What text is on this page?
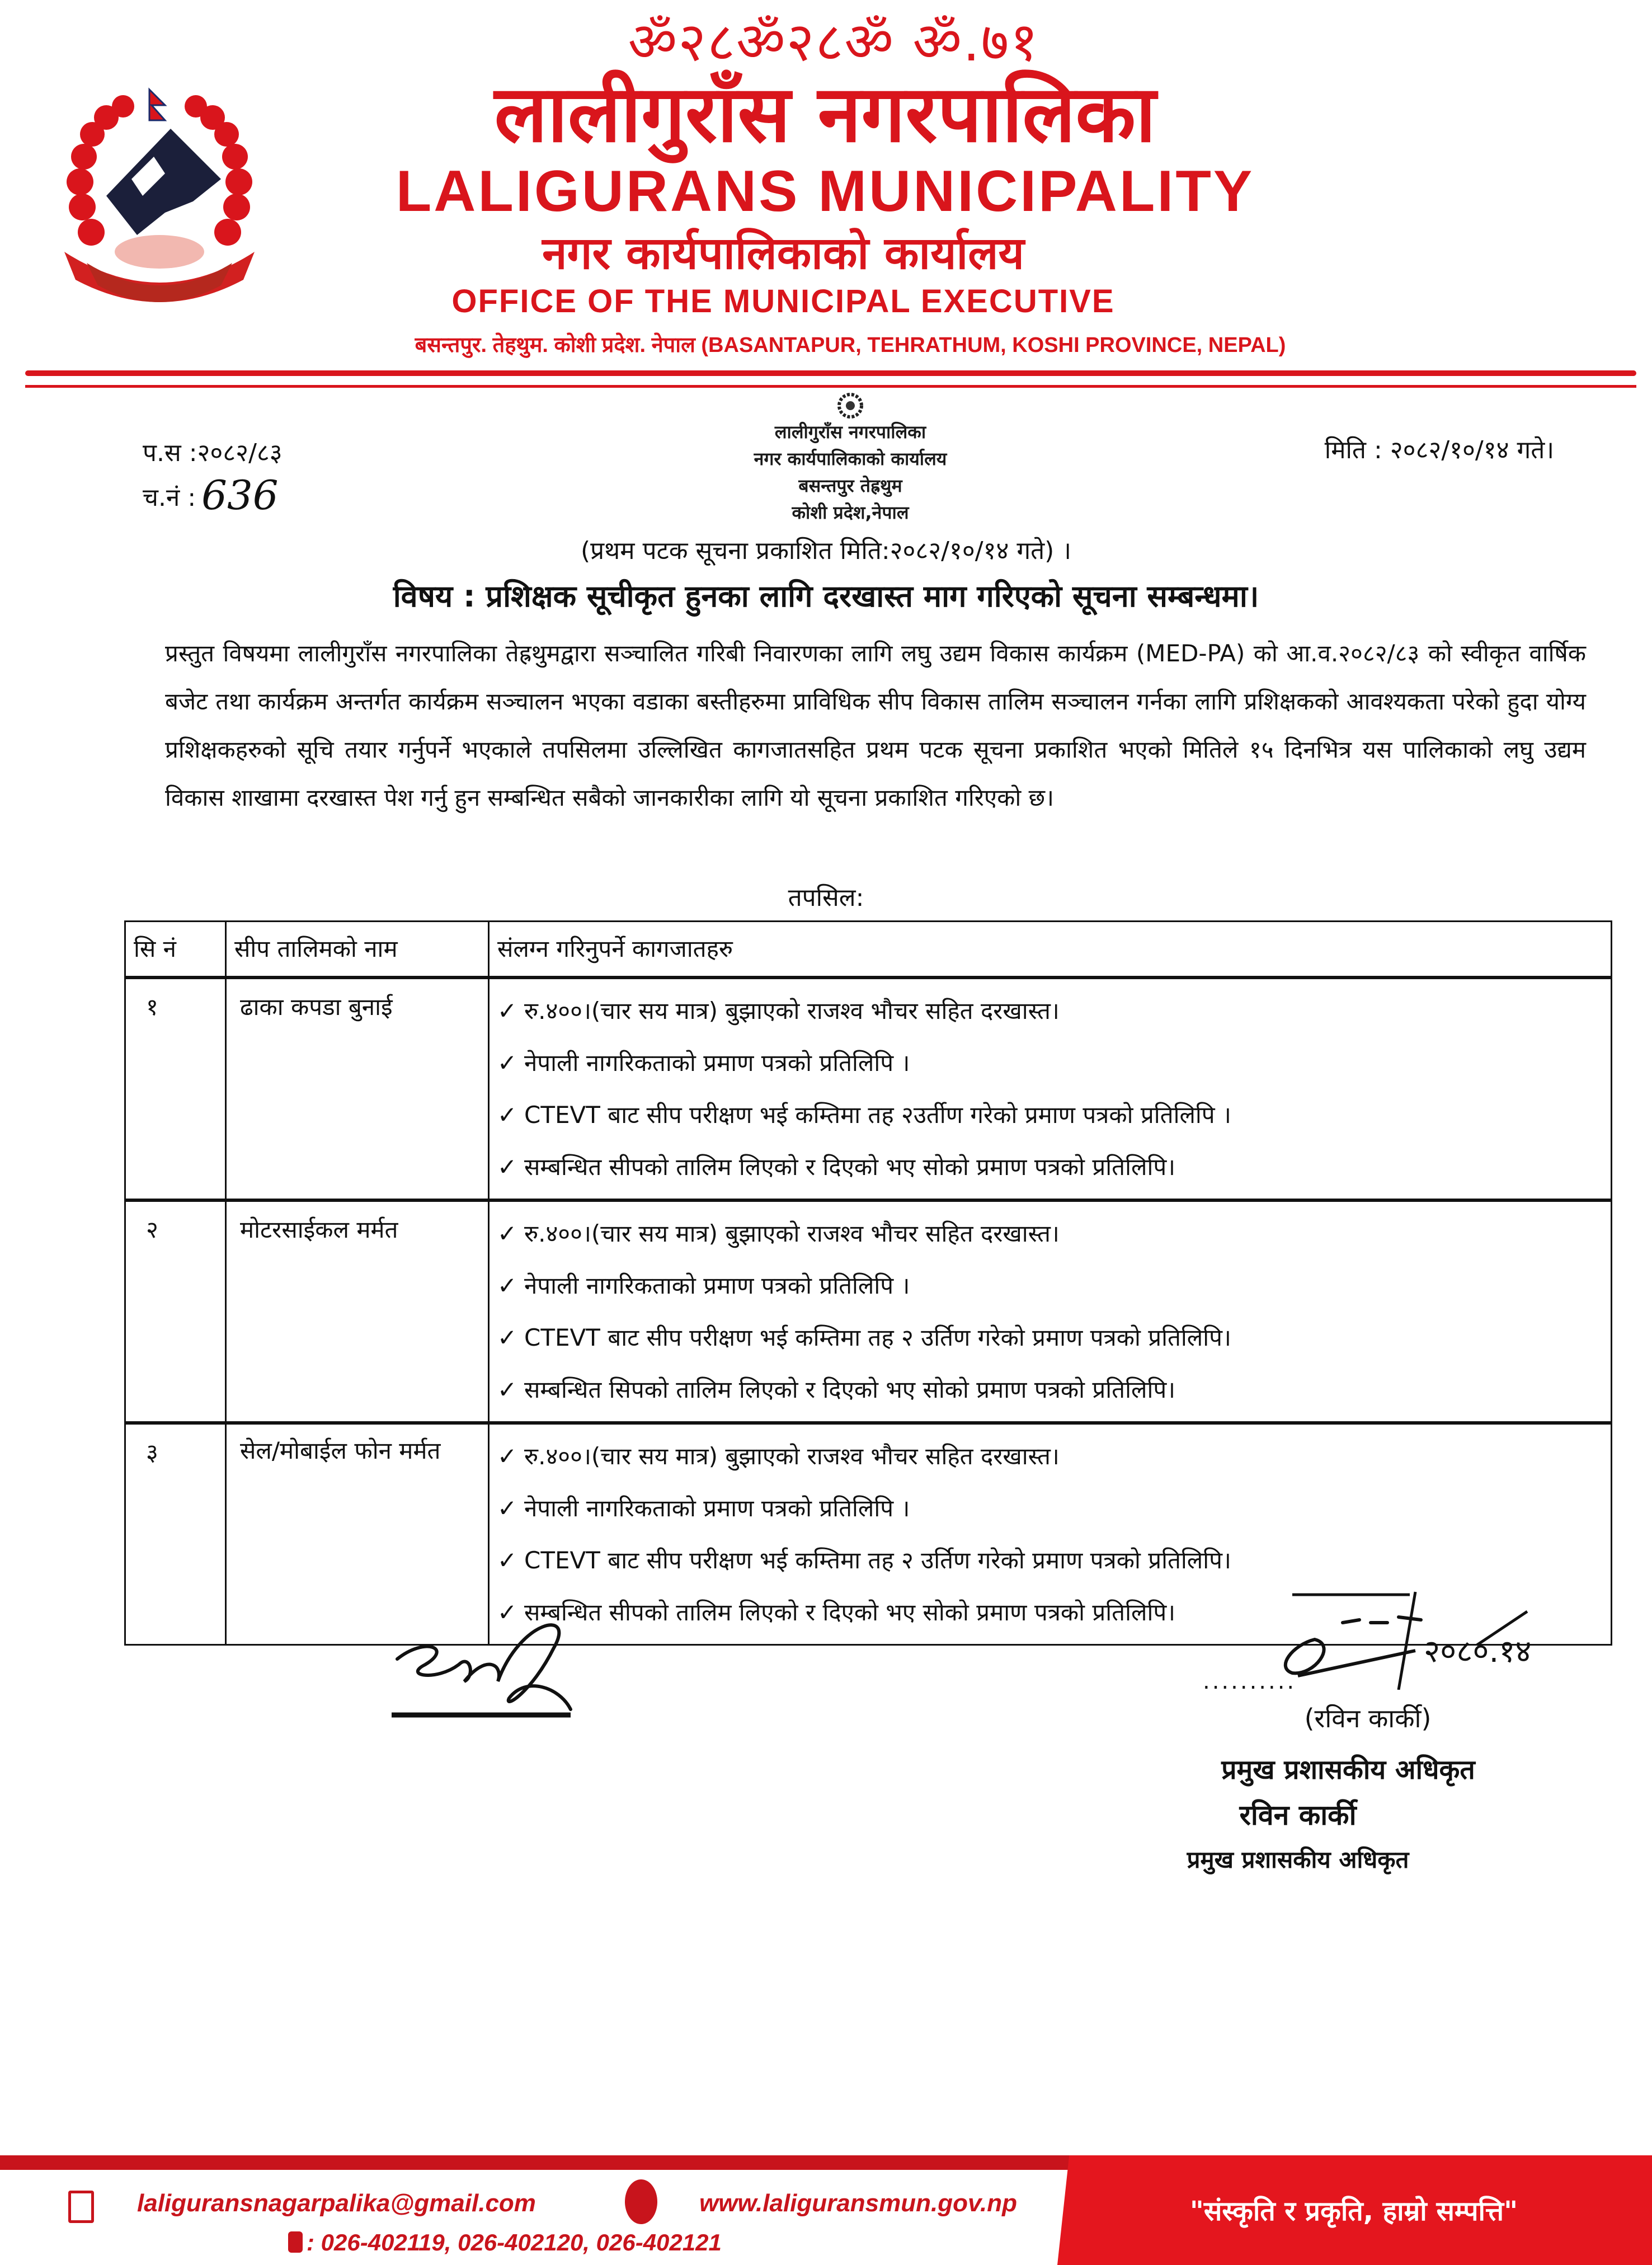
ॐ२८ॐ२८ॐ ॐ.७१
लालीगुराँस नगरपालिका
LALIGURANS MUNICIPALITY
नगर कार्यपालिकाको कार्यालय
OFFICE OF THE MUNICIPAL EXECUTIVE
बसन्तपुर. तेहथुम. कोशी प्रदेश. नेपाल (BASANTAPUR, TEHRATHUM, KOSHI PROVINCE, NEPAL)
लालीगुराँस नगरपालिका
नगर कार्यपालिकाको कार्यालय
बसन्तपुर तेह्रथुम
कोशी प्रदेश,नेपाल
प.स :२०८२/८३
च.नं : 636
मिति : २०८२/१०/१४ गते।
(प्रथम पटक सूचना प्रकाशित मिति:२०८२/१०/१४ गते) ।
विषय : प्रशिक्षक सूचीकृत हुनका लागि दरखास्त माग गरिएको सूचना सम्बन्धमा।
प्रस्तुत विषयमा लालीगुराँस नगरपालिका तेह्रथुमद्वारा सञ्चालित गरिबी निवारणका लागि लघु उद्यम विकास कार्यक्रम (MED-PA) को आ.व.२०८२/८३ को स्वीकृत वार्षिक बजेट तथा कार्यक्रम अन्तर्गत कार्यक्रम सञ्चालन भएका वडाका बस्तीहरुमा प्राविधिक सीप विकास तालिम सञ्चालन गर्नका लागि प्रशिक्षकको आवश्यकता परेको हुदा योग्य प्रशिक्षकहरुको सूचि तयार गर्नुपर्ने भएकाले तपसिलमा उल्लिखित कागजातसहित प्रथम पटक सूचना प्रकाशित भएको मितिले १५ दिनभित्र यस पालिकाको लघु उद्यम विकास शाखामा दरखास्त पेश गर्नु हुन सम्बन्धित सबैको जानकारीका लागि यो सूचना प्रकाशित गरिएको छ।
तपसिल:
सि नं	सीप तालिमको नाम	संलग्न गरिनुपर्ने कागजातहरु
१	ढाका कपडा बुनाई	✓ रु.४००।(चार सय मात्र) बुझाएको राजश्व भौचर सहित दरखास्त।
✓ नेपाली नागरिकताको प्रमाण पत्रको प्रतिलिपि ।
✓ CTEVT बाट सीप परीक्षण भई कम्तिमा तह २उर्तीण गरेको प्रमाण पत्रको प्रतिलिपि ।
✓ सम्बन्धित सीपको तालिम लिएको र दिएको भए सोको प्रमाण पत्रको प्रतिलिपि।

२	मोटरसाईकल मर्मत	✓ रु.४००।(चार सय मात्र) बुझाएको राजश्व भौचर सहित दरखास्त।
✓ नेपाली नागरिकताको प्रमाण पत्रको प्रतिलिपि ।
✓ CTEVT बाट सीप परीक्षण भई कम्तिमा तह २ उर्तिण गरेको प्रमाण पत्रको प्रतिलिपि।
✓ सम्बन्धित सिपको तालिम लिएको र दिएको भए सोको प्रमाण पत्रको प्रतिलिपि।

३	सेल/मोबाईल फोन मर्मत	✓ रु.४००।(चार सय मात्र) बुझाएको राजश्व भौचर सहित दरखास्त।
✓ नेपाली नागरिकताको प्रमाण पत्रको प्रतिलिपि ।
✓ CTEVT बाट सीप परीक्षण भई कम्तिमा तह २ उर्तिण गरेको प्रमाण पत्रको प्रतिलिपि।
✓ सम्बन्धित सीपको तालिम लिएको र दिएको भए सोको प्रमाण पत्रको प्रतिलिपि।
२०८०.१४
..........
(रविन कार्की)
प्रमुख प्रशासकीय अधिकृत
रविन कार्की
प्रमुख प्रशासकीय अधिकृत
"संस्कृति र प्रकृति, हाम्रो सम्पत्ति"
laliguransnagarpalika@gmail.com	www.laliguransmun.gov.np
: 026-402119, 026-402120, 026-402121
